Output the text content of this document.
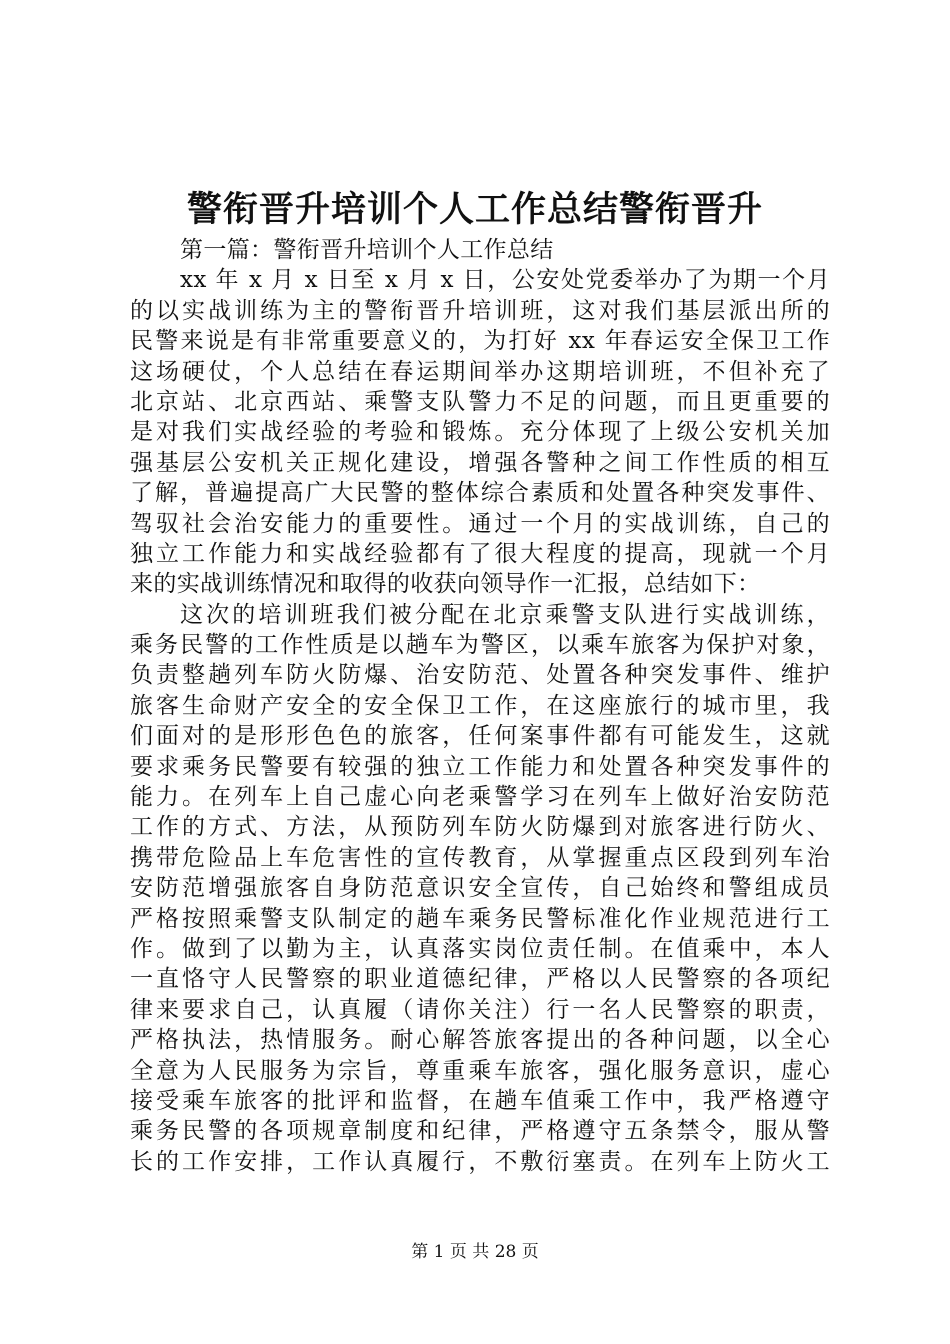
警衔晋升培训个人工作总结警衔晋升
第一篇：警衔晋升培训个人工作总结
xx 年 x 月 x 日至 x 月 x 日，公安处党委举办了为期一个月
的以实战训练为主的警衔晋升培训班，这对我们基层派出所的
民警来说是有非常重要意义的，为打好 xx 年春运安全保卫工作
这场硬仗，个人总结在春运期间举办这期培训班，不但补充了
北京站、北京西站、乘警支队警力不足的问题，而且更重要的
是对我们实战经验的考验和锻炼。充分体现了上级公安机关加
强基层公安机关正规化建设，增强各警种之间工作性质的相互
了解，普遍提高广大民警的整体综合素质和处置各种突发事件、
驾驭社会治安能力的重要性。通过一个月的实战训练，自己的
独立工作能力和实战经验都有了很大程度的提高，现就一个月
来的实战训练情况和取得的收获向领导作一汇报，总结如下：
这次的培训班我们被分配在北京乘警支队进行实战训练，
乘务民警的工作性质是以趟车为警区，以乘车旅客为保护对象，
负责整趟列车防火防爆、治安防范、处置各种突发事件、维护
旅客生命财产安全的安全保卫工作，在这座旅行的城市里，我
们面对的是形形色色的旅客，任何案事件都有可能发生，这就
要求乘务民警要有较强的独立工作能力和处置各种突发事件的
能力。在列车上自己虚心向老乘警学习在列车上做好治安防范
工作的方式、方法，从预防列车防火防爆到对旅客进行防火、
携带危险品上车危害性的宣传教育，从掌握重点区段到列车治
安防范增强旅客自身防范意识安全宣传，自己始终和警组成员
严格按照乘警支队制定的趟车乘务民警标准化作业规范进行工
作。做到了以勤为主，认真落实岗位责任制。在值乘中，本人
一直恪守人民警察的职业道德纪律，严格以人民警察的各项纪
律来要求自己，认真履（请你关注）行一名人民警察的职责，
严格执法，热情服务。耐心解答旅客提出的各种问题，以全心
全意为人民服务为宗旨，尊重乘车旅客，强化服务意识，虚心
接受乘车旅客的批评和监督，在趟车值乘工作中，我严格遵守
乘务民警的各项规章制度和纪律，严格遵守五条禁令，服从警
长的工作安排，工作认真履行，不敷衍塞责。在列车上防火工
第 1 页 共 28 页
